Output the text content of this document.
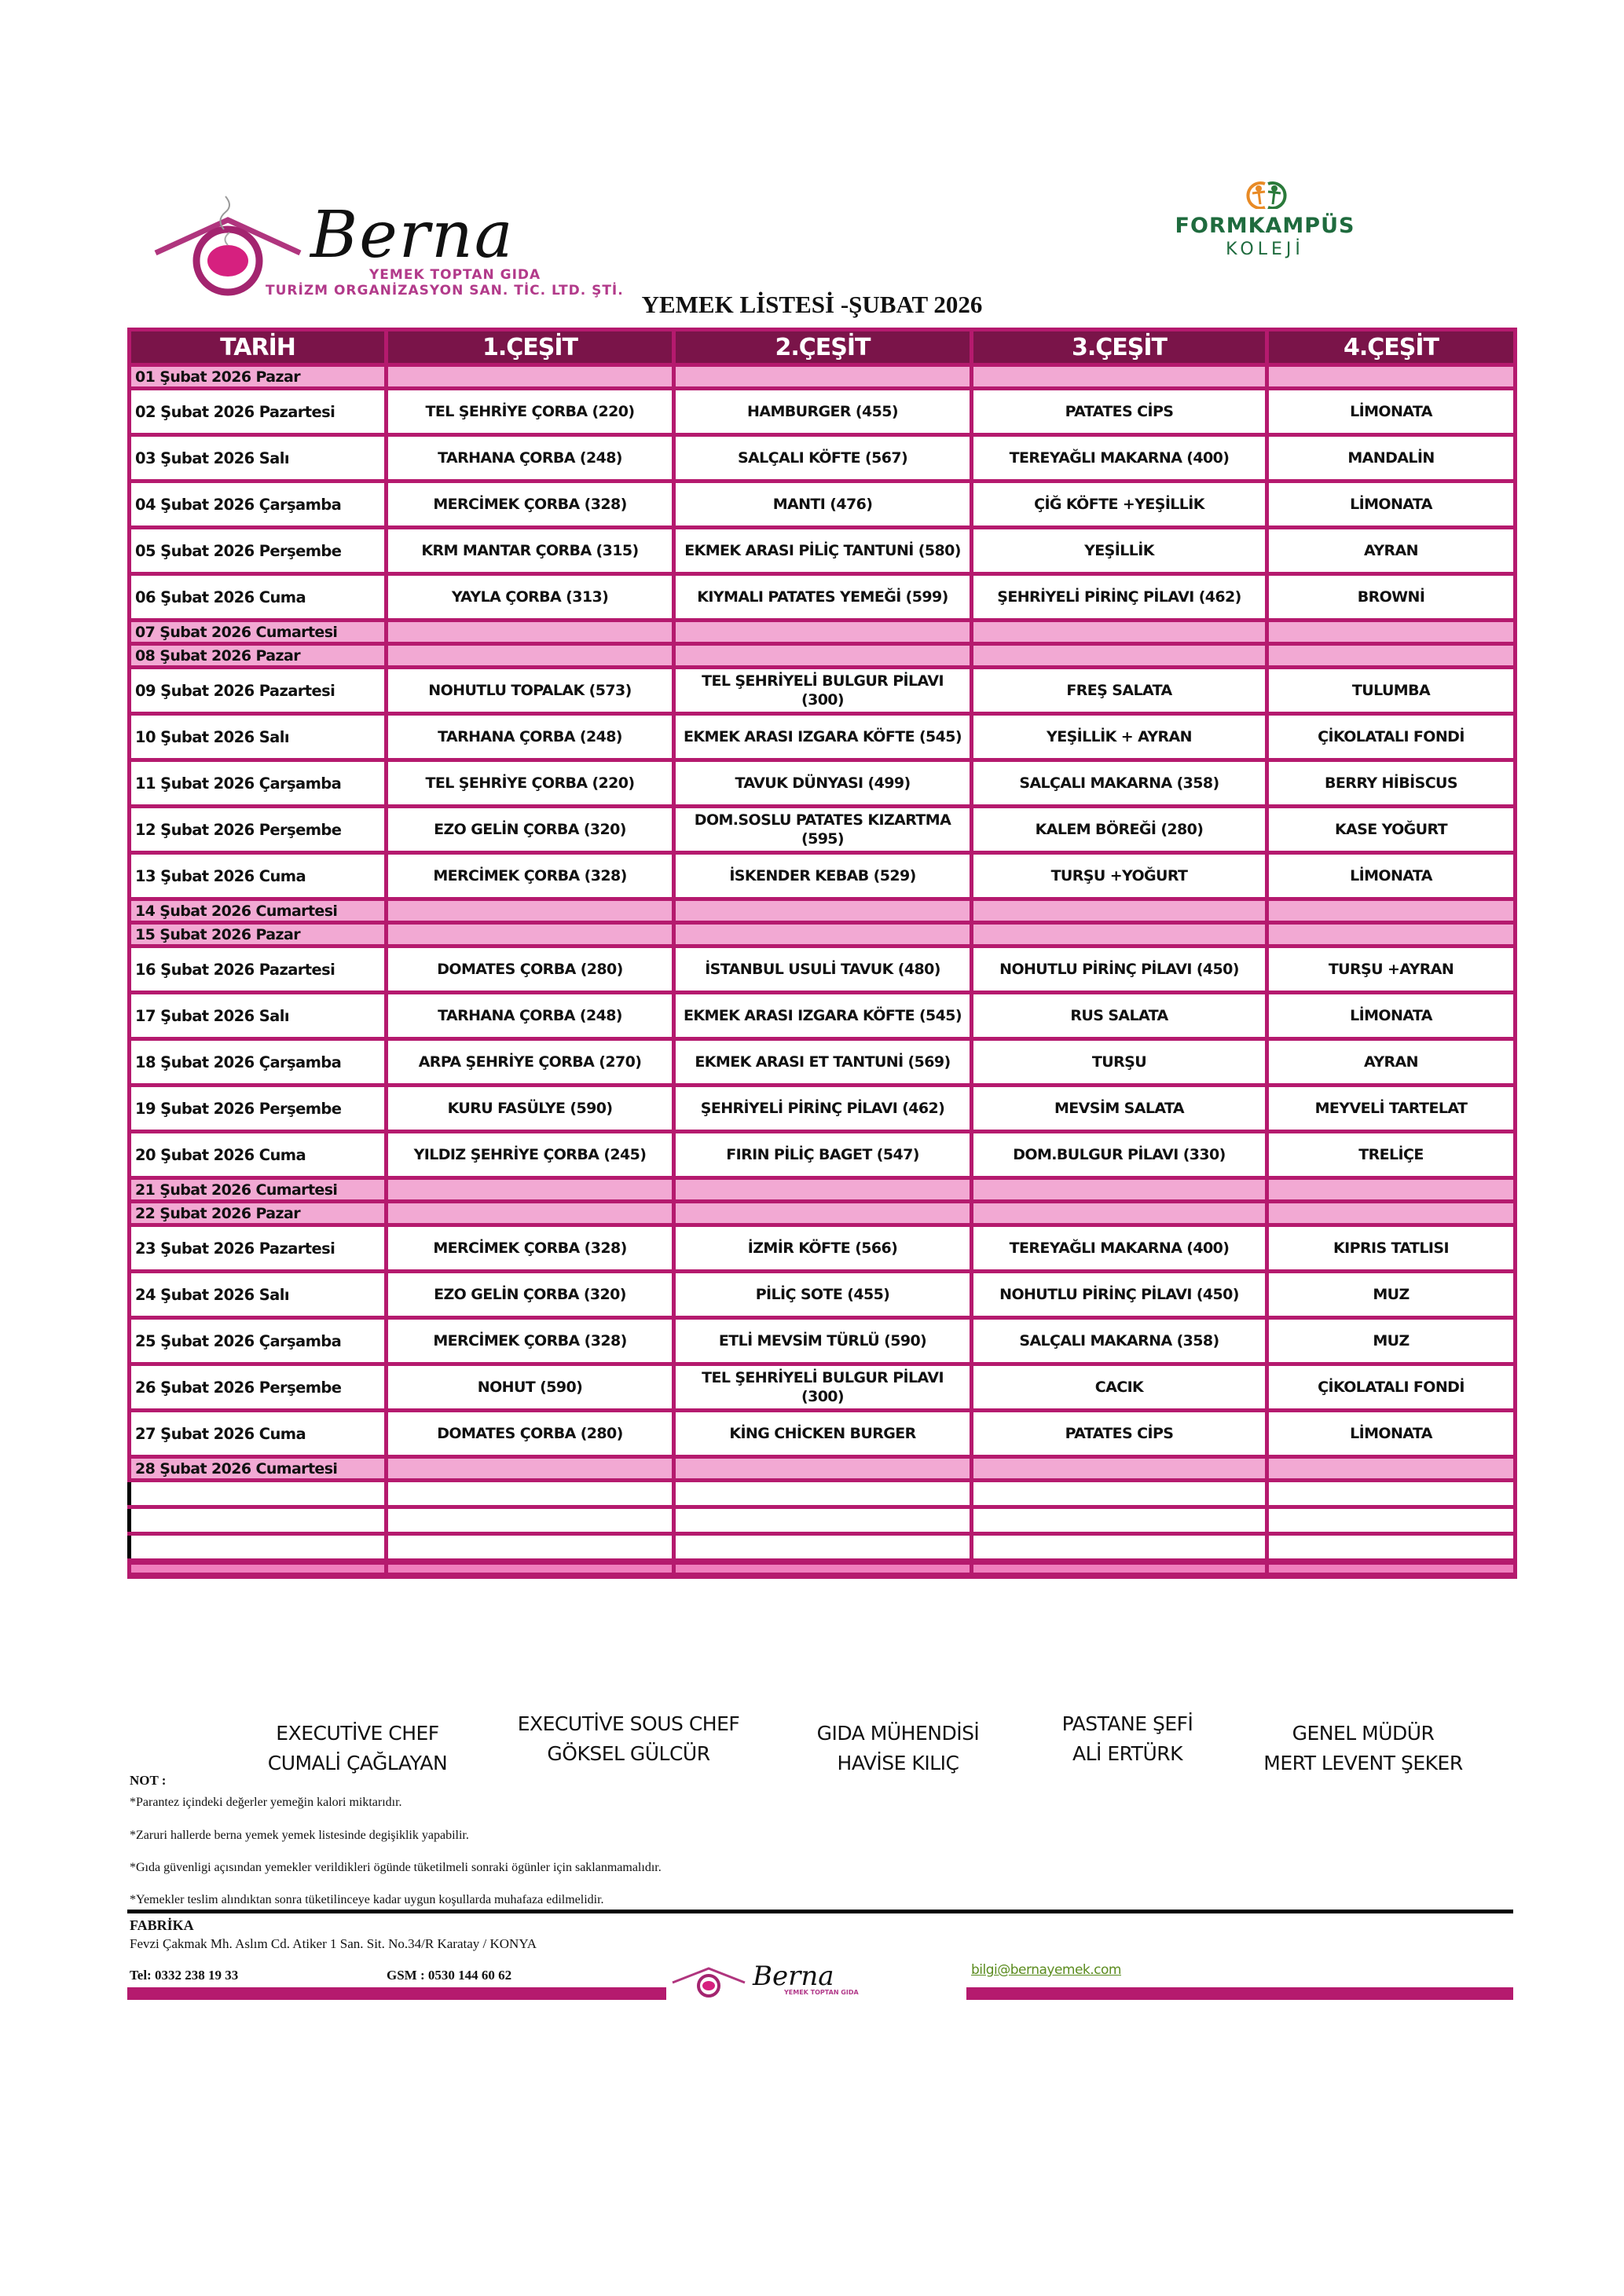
Berna
YEMEK TOPTAN GIDA
TURİZM ORGANİZASYON SAN. TİC. LTD. ŞTİ.
FORMKAMPÜS
KOLEJİ
YEMEK LİSTESİ -ŞUBAT 2026
TARİH	1.ÇEŞİT	2.ÇEŞİT	3.ÇEŞİT	4.ÇEŞİT
01 Şubat 2026 Pazar				
02 Şubat 2026 Pazartesi	TEL ŞEHRİYE ÇORBA (220)	HAMBURGER (455)	PATATES CİPS	LİMONATA
03 Şubat 2026 Salı	TARHANA ÇORBA (248)	SALÇALI KÖFTE (567)	TEREYAĞLI MAKARNA (400)	MANDALİN
04 Şubat 2026 Çarşamba	MERCİMEK ÇORBA (328)	MANTI (476)	ÇİĞ KÖFTE +YEŞİLLİK	LİMONATA
05 Şubat 2026 Perşembe	KRM MANTAR ÇORBA (315)	EKMEK ARASI PİLİÇ TANTUNİ (580)	YEŞİLLİK	AYRAN
06 Şubat 2026 Cuma	YAYLA ÇORBA (313)	KIYMALI PATATES YEMEĞİ (599)	ŞEHRİYELİ PİRİNÇ PİLAVI (462)	BROWNİ
07 Şubat 2026 Cumartesi				
08 Şubat 2026 Pazar				
09 Şubat 2026 Pazartesi	NOHUTLU TOPALAK (573)	TEL ŞEHRİYELİ BULGUR PİLAVI (300)	FREŞ SALATA	TULUMBA
10 Şubat 2026 Salı	TARHANA ÇORBA (248)	EKMEK ARASI IZGARA KÖFTE (545)	YEŞİLLİK + AYRAN	ÇİKOLATALI FONDİ
11 Şubat 2026 Çarşamba	TEL ŞEHRİYE ÇORBA (220)	TAVUK DÜNYASI (499)	SALÇALI MAKARNA (358)	BERRY HİBİSCUS
12 Şubat 2026 Perşembe	EZO GELİN ÇORBA (320)	DOM.SOSLU PATATES KIZARTMA (595)	KALEM BÖREĞİ (280)	KASE YOĞURT
13 Şubat 2026 Cuma	MERCİMEK ÇORBA (328)	İSKENDER KEBAB (529)	TURŞU +YOĞURT	LİMONATA
14 Şubat 2026 Cumartesi				
15 Şubat 2026 Pazar				
16 Şubat 2026 Pazartesi	DOMATES ÇORBA (280)	İSTANBUL USULİ TAVUK (480)	NOHUTLU PİRİNÇ PİLAVI (450)	TURŞU +AYRAN
17 Şubat 2026 Salı	TARHANA ÇORBA (248)	EKMEK ARASI IZGARA KÖFTE (545)	RUS SALATA	LİMONATA
18 Şubat 2026 Çarşamba	ARPA ŞEHRİYE ÇORBA (270)	EKMEK ARASI ET TANTUNİ (569)	TURŞU	AYRAN
19 Şubat 2026 Perşembe	KURU FASÜLYE (590)	ŞEHRİYELİ PİRİNÇ PİLAVI (462)	MEVSİM SALATA	MEYVELİ TARTELAT
20 Şubat 2026 Cuma	YILDIZ ŞEHRİYE ÇORBA (245)	FIRIN PİLİÇ BAGET (547)	DOM.BULGUR PİLAVI (330)	TRELİÇE
21 Şubat 2026 Cumartesi				
22 Şubat 2026 Pazar				
23 Şubat 2026 Pazartesi	MERCİMEK ÇORBA (328)	İZMİR KÖFTE (566)	TEREYAĞLI MAKARNA (400)	KIPRIS TATLISI
24 Şubat 2026 Salı	EZO GELİN ÇORBA (320)	PİLİÇ SOTE (455)	NOHUTLU PİRİNÇ PİLAVI (450)	MUZ
25 Şubat 2026 Çarşamba	MERCİMEK ÇORBA (328)	ETLİ MEVSİM TÜRLÜ (590)	SALÇALI MAKARNA (358)	MUZ
26 Şubat 2026 Perşembe	NOHUT (590)	TEL ŞEHRİYELİ BULGUR PİLAVI (300)	CACIK	ÇİKOLATALI FONDİ
27 Şubat 2026 Cuma	DOMATES ÇORBA (280)	KİNG CHİCKEN BURGER	PATATES CİPS	LİMONATA
28 Şubat 2026 Cumartesi				

EXECUTİVE CHEF
CUMALİ ÇAĞLAYAN
EXECUTİVE SOUS CHEF
GÖKSEL GÜLCÜR
GIDA MÜHENDİSİ
HAVİSE KILIÇ
PASTANE ŞEFİ
ALİ ERTÜRK
GENEL MÜDÜR
MERT LEVENT ŞEKER
NOT :
*Parantez içindeki değerler yemeğin kalori miktarıdır.
*Zaruri hallerde berna yemek yemek listesinde degişiklik yapabilir.
*Gıda güvenligi açısından yemekler verildikleri ögünde tüketilmeli sonraki ögünler için saklanmamalıdır.
*Yemekler teslim alındıktan sonra tüketilinceye kadar uygun koşullarda muhafaza edilmelidir.
FABRİKA
Fevzi Çakmak Mh. Aslım Cd. Atiker 1 San. Sit. No.34/R Karatay / KONYA
Tel: 0332 238 19 33	GSM : 0530 144 60 62	Berna
YEMEK TOPTAN GIDA
bilgi@bernayemek.com
